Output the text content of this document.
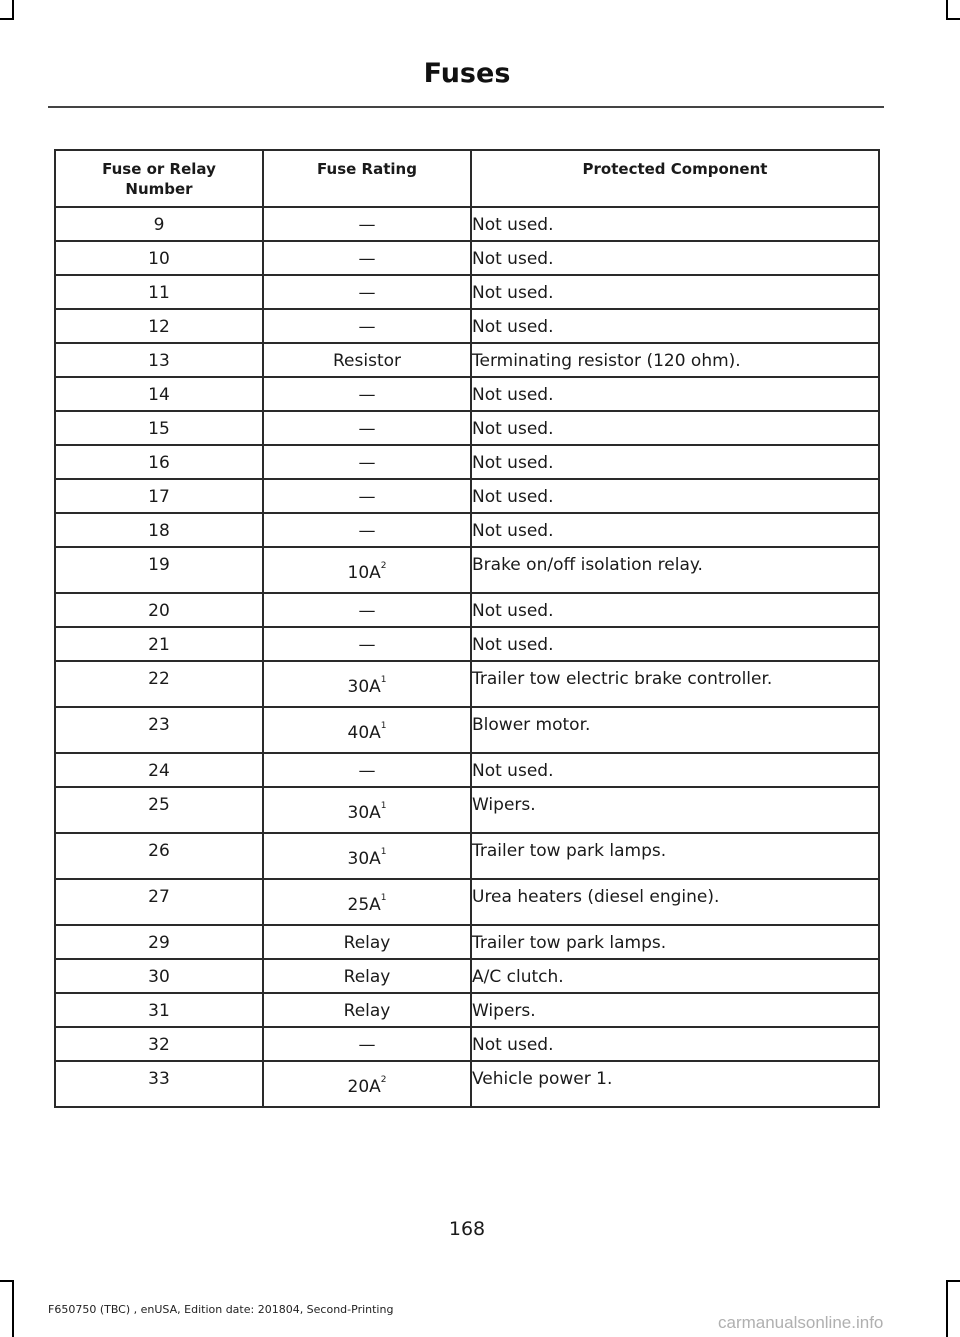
Fuses
Fuse or Relay Number	Fuse Rating	Protected Component
9	—	Not used.
10	—	Not used.
11	—	Not used.
12	—	Not used.
13	Resistor	Terminating resistor (120 ohm).
14	—	Not used.
15	—	Not used.
16	—	Not used.
17	—	Not used.
18	—	Not used.
19	$10A^2$	Brake on/off isolation relay.
20	—	Not used.
21	—	Not used.
22	$30A^1$	Trailer tow electric brake controller.
23	$40A^1$	Blower motor.
24	—	Not used.
25	$30A^1$	Wipers.
26	$30A^1$	Trailer tow park lamps.
27	$25A^1$	Urea heaters (diesel engine).
29	Relay	Trailer tow park lamps.
30	Relay	A/C clutch.
31	Relay	Wipers.
32	—	Not used.
33	$20A^2$	Vehicle power 1.
168
F650750 (TBC) , enUSA, Edition date: 201804, Second-Printing
carmanualsonline.info
